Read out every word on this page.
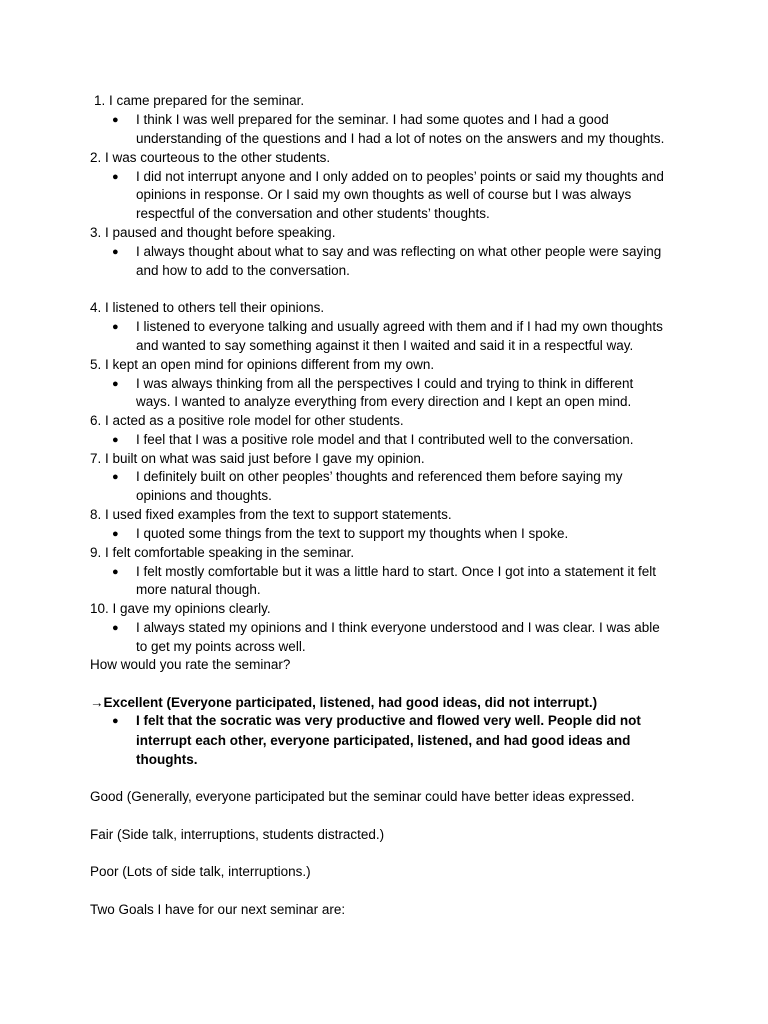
1. I came prepared for the seminar.
● I think I was well prepared for the seminar. I had some quotes and I had a good
understanding of the questions and I had a lot of notes on the answers and my thoughts.
2. I was courteous to the other students.
● I did not interrupt anyone and I only added on to peoples’ points or said my thoughts and
opinions in response. Or I said my own thoughts as well of course but I was always
respectful of the conversation and other students’ thoughts.
3. I paused and thought before speaking.
● I always thought about what to say and was reflecting on what other people were saying
and how to add to the conversation.
4. I listened to others tell their opinions.
● I listened to everyone talking and usually agreed with them and if I had my own thoughts
and wanted to say something against it then I waited and said it in a respectful way.
5. I kept an open mind for opinions different from my own.
● I was always thinking from all the perspectives I could and trying to think in different
ways. I wanted to analyze everything from every direction and I kept an open mind.
6. I acted as a positive role model for other students.
● I feel that I was a positive role model and that I contributed well to the conversation.
7. I built on what was said just before I gave my opinion.
● I definitely built on other peoples’ thoughts and referenced them before saying my
opinions and thoughts.
8. I used fixed examples from the text to support statements.
● I quoted some things from the text to support my thoughts when I spoke.
9. I felt comfortable speaking in the seminar.
● I felt mostly comfortable but it was a little hard to start. Once I got into a statement it felt
more natural though.
10. I gave my opinions clearly.
● I always stated my opinions and I think everyone understood and I was clear. I was able
to get my points across well.
How would you rate the seminar?
→Excellent (Everyone participated, listened, had good ideas, did not interrupt.)
● I felt that the socratic was very productive and flowed very well. People did not
interrupt each other, everyone participated, listened, and had good ideas and
thoughts.
Good (Generally, everyone participated but the seminar could have better ideas expressed.
Fair (Side talk, interruptions, students distracted.)
Poor (Lots of side talk, interruptions.)
Two Goals I have for our next seminar are:
